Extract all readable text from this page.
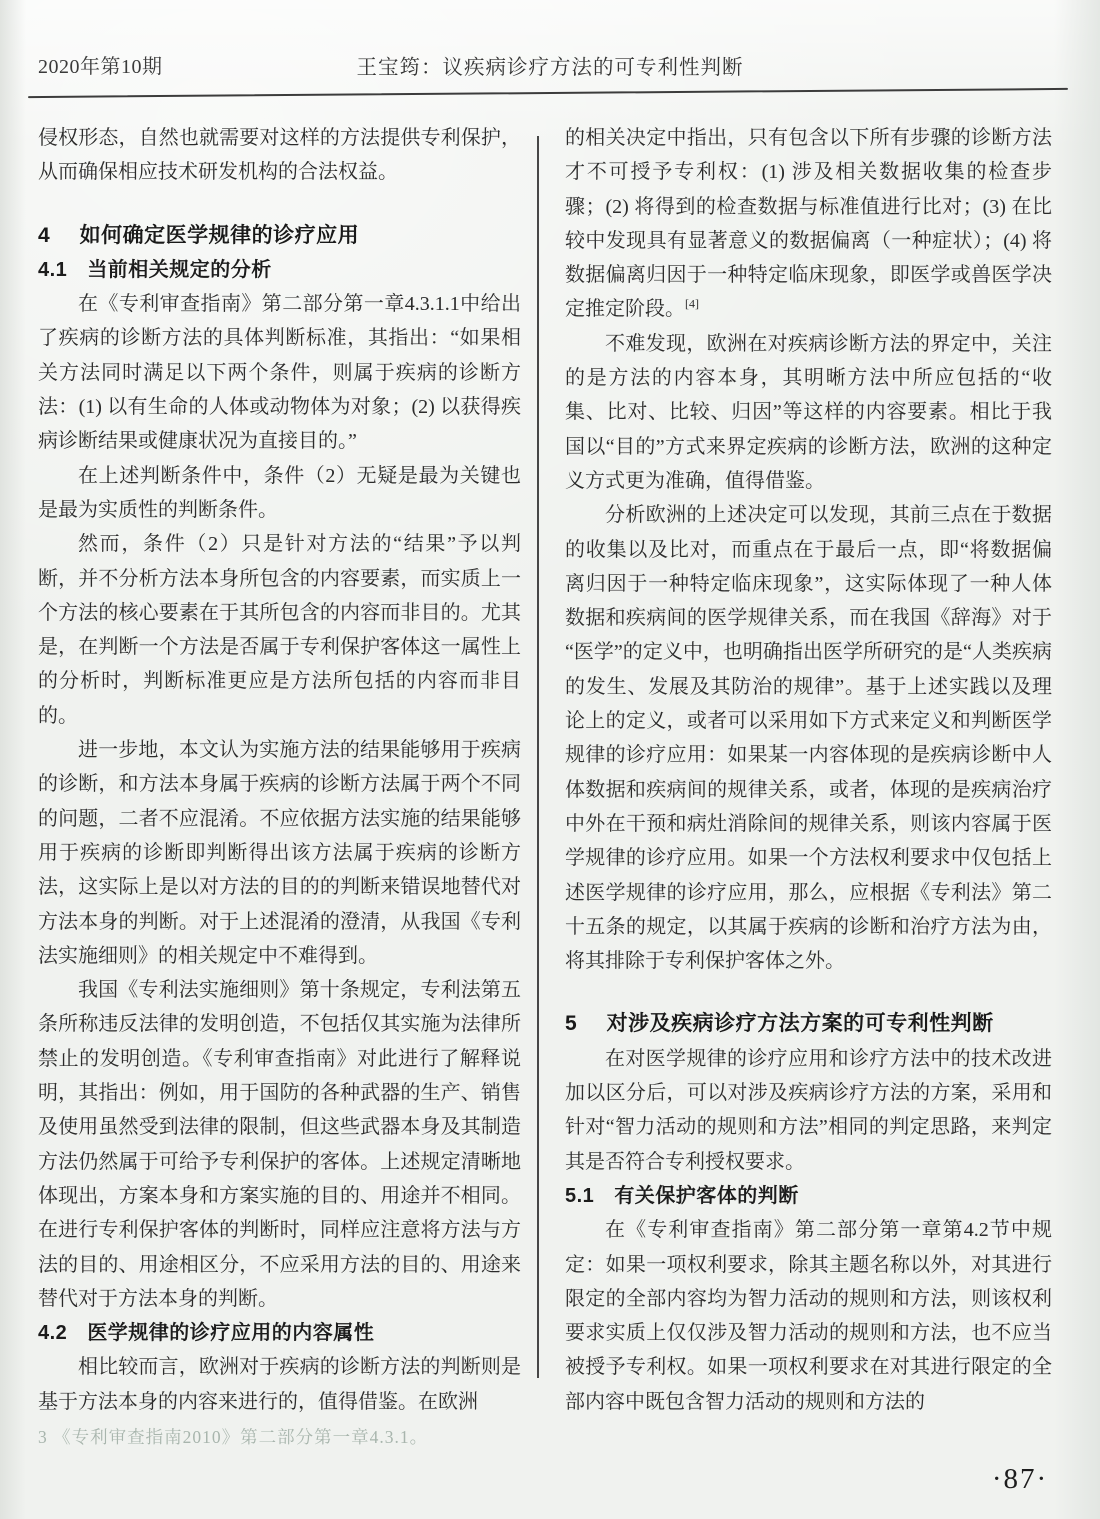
2020年第10期	王宝筠：议疾病诊疗方法的可专利性判断

侵权形态，自然也就需要对这样的方法提供专利保护，从而确保相应技术研发机构的合法权益。

4 如何确定医学规律的诊疗应用
4.1 当前相关规定的分析

在《专利审查指南》第二部分第一章4.3.1.1中给出了疾病的诊断方法的具体判断标准，其指出：“如果相关方法同时满足以下两个条件，则属于疾病的诊断方法：(1) 以有生命的人体或动物体为对象；(2) 以获得疾病诊断结果或健康状况为直接目的。”

在上述判断条件中，条件（2）无疑是最为关键也是最为实质性的判断条件。

然而，条件（2）只是针对方法的“结果”予以判断，并不分析方法本身所包含的内容要素，而实质上一个方法的核心要素在于其所包含的内容而非目的。尤其是，在判断一个方法是否属于专利保护客体这一属性上的分析时，判断标准更应是方法所包括的内容而非目的。

进一步地，本文认为实施方法的结果能够用于疾病的诊断，和方法本身属于疾病的诊断方法属于两个不同的问题，二者不应混淆。不应依据方法实施的结果能够用于疾病的诊断即判断得出该方法属于疾病的诊断方法，这实际上是以对方法的目的的判断来错误地替代对方法本身的判断。对于上述混淆的澄清，从我国《专利法实施细则》的相关规定中不难得到。

我国《专利法实施细则》第十条规定，专利法第五条所称违反法律的发明创造，不包括仅其实施为法律所禁止的发明创造。《专利审查指南》对此进行了解释说明，其指出：例如，用于国防的各种武器的生产、销售及使用虽然受到法律的限制，但这些武器本身及其制造方法仍然属于可给予专利保护的客体。上述规定清晰地体现出，方案本身和方案实施的目的、用途并不相同。在进行专利保护客体的判断时，同样应注意将方法与方法的目的、用途相区分，不应采用方法的目的、用途来替代对于方法本身的判断。

4.2 医学规律的诊疗应用的内容属性

相比较而言，欧洲对于疾病的诊断方法的判断则是基于方法本身的内容来进行的，值得借鉴。在欧洲

3 《专利审查指南2010》第二部分第一章4.3.1。

的相关决定中指出，只有包含以下所有步骤的诊断方法才不可授予专利权：(1) 涉及相关数据收集的检查步骤；(2) 将得到的检查数据与标准值进行比对；(3) 在比较中发现具有显著意义的数据偏离（一种症状）；(4) 将数据偏离归因于一种特定临床现象，即医学或兽医学决定推定阶段。[4]

不难发现，欧洲在对疾病诊断方法的界定中，关注的是方法的内容本身，其明晰方法中所应包括的“收集、比对、比较、归因”等这样的内容要素。相比于我国以“目的”方式来界定疾病的诊断方法，欧洲的这种定义方式更为准确，值得借鉴。

分析欧洲的上述决定可以发现，其前三点在于数据的收集以及比对，而重点在于最后一点，即“将数据偏离归因于一种特定临床现象”，这实际体现了一种人体数据和疾病间的医学规律关系，而在我国《辞海》对于“医学”的定义中，也明确指出医学所研究的是“人类疾病的发生、发展及其防治的规律”。基于上述实践以及理论上的定义，或者可以采用如下方式来定义和判断医学规律的诊疗应用：如果某一内容体现的是疾病诊断中人体数据和疾病间的规律关系，或者，体现的是疾病治疗中外在干预和病灶消除间的规律关系，则该内容属于医学规律的诊疗应用。如果一个方法权利要求中仅包括上述医学规律的诊疗应用，那么，应根据《专利法》第二十五条的规定，以其属于疾病的诊断和治疗方法为由，将其排除于专利保护客体之外。

5 对涉及疾病诊疗方法方案的可专利性判断

在对医学规律的诊疗应用和诊疗方法中的技术改进加以区分后，可以对涉及疾病诊疗方法的方案，采用和针对“智力活动的规则和方法”相同的判定思路，来判定其是否符合专利授权要求。

5.1 有关保护客体的判断

在《专利审查指南》第二部分第一章第4.2节中规定：如果一项权利要求，除其主题名称以外，对其进行限定的全部内容均为智力活动的规则和方法，则该权利要求实质上仅仅涉及智力活动的规则和方法，也不应当被授予专利权。如果一项权利要求在对其进行限定的全部内容中既包含智力活动的规则和方法的

·87·
